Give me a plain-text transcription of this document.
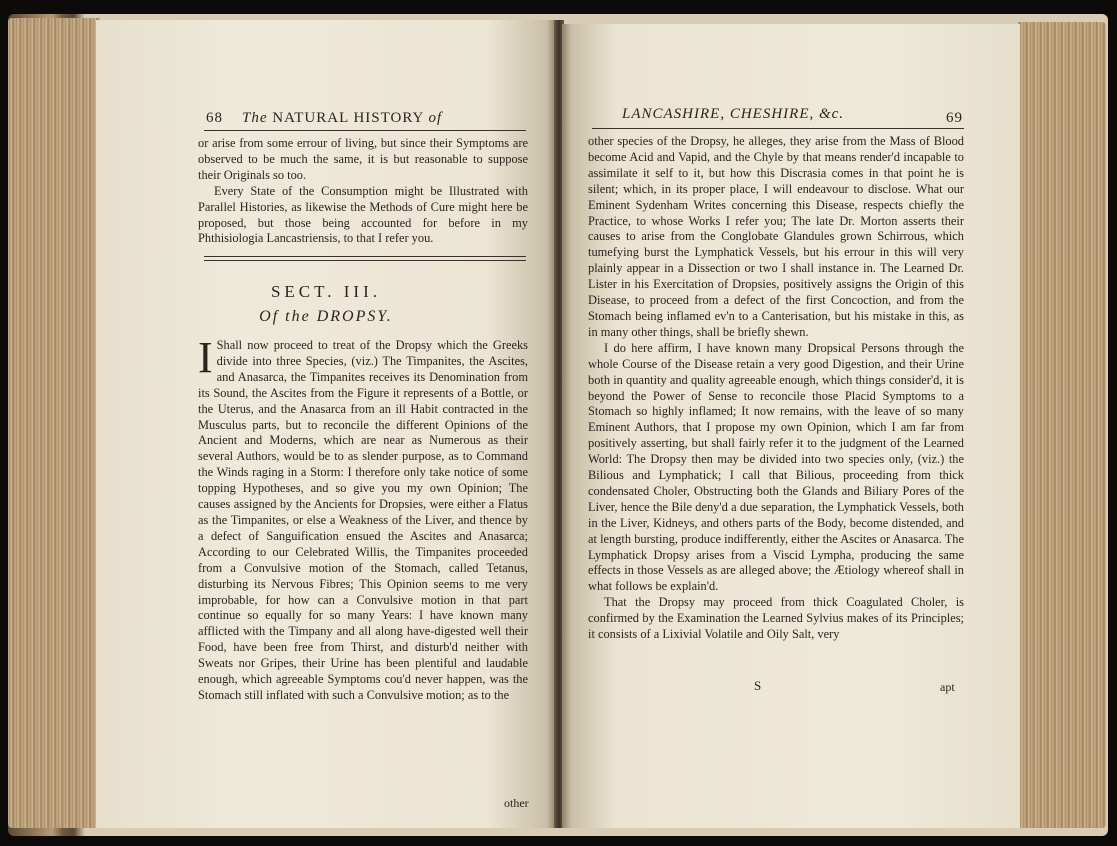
68 The NATURAL HISTORY of

or arise from some errour of living, but since their Symptoms are observed to be much the same, it is but reasonable to suppose their Originals so too.

Every State of the Consumption might be Illustrated with Parallel Histories, as likewise the Methods of Cure might here be proposed, but those being accounted for before in my Phthisiologia Lancastriensis, to that I refer you.

SECT. III.
Of the DROPSY.

I Shall now proceed to treat of the Dropsy which the Greeks divide into three Species, (viz.) The Timpanites, the Ascites, and Anasarca, the Timpanites receives its Denomination from its Sound, the Ascites from the Figure it represents of a Bottle, or the Uterus, and the Anasarca from an ill Habit contracted in the Musculus parts, but to reconcile the different Opinions of the Ancient and Moderns, which are near as Numerous as their several Authors, would be to as slender purpose, as to Command the Winds raging in a Storm: I therefore only take notice of some topping Hypotheses, and so give you my own Opinion; The causes assigned by the Ancients for Dropsies, were either a Flatus as the Timpanites, or else a Weakness of the Liver, and thence by a defect of Sanguification ensued the Ascites and Anasarca; According to our Celebrated Willis, the Timpanites proceeded from a Convulsive motion of the Stomach, called Tetanus, disturbing its Nervous Fibres; This Opinion seems to me very improbable, for how can a Convulsive motion in that part continue so equally for so many Years: I have known many afflicted with the Timpany and all along have-digested well their Food, have been free from Thirst, and disturb'd neither with Sweats nor Gripes, their Urine has been plentiful and laudable enough, which agreeable Symptoms cou'd never happen, was the Stomach still inflated with such a Convulsive motion; as to the

other
LANCASHIRE, CHESHIRE, &c.	69

other species of the Dropsy, he alleges, they arise from the Mass of Blood become Acid and Vapid, and the Chyle by that means render'd incapable to assimilate it self to it, but how this Discrasia comes in that point he is silent; which, in its proper place, I will endeavour to disclose. What our Eminent Sydenham Writes concerning this Disease, respects chiefly the Practice, to whose Works I refer you; The late Dr. Morton asserts their causes to arise from the Conglobate Glandules grown Schirrous, which tumefying burst the Lymphatick Vessels, but his errour in this will very plainly appear in a Dissection or two I shall instance in. The Learned Dr. Lister in his Exercitation of Dropsies, positively assigns the Origin of this Disease, to proceed from a defect of the first Concoction, and from the Stomach being inflamed ev'n to a Canterisation, but his mistake in this, as in many other things, shall be briefly shewn.

I do here affirm, I have known many Dropsical Persons through the whole Course of the Disease retain a very good Digestion, and their Urine both in quantity and quality agreeable enough, which things consider'd, it is beyond the Power of Sense to reconcile those Placid Symptoms to a Stomach so highly inflamed; It now remains, with the leave of so many Eminent Authors, that I propose my own Opinion, which I am far from positively asserting, but shall fairly refer it to the judgment of the Learned World: The Dropsy then may be divided into two species only, (viz.) the Bilious and Lymphatick; I call that Bilious, proceeding from thick condensated Choler, Obstructing both the Glands and Biliary Pores of the Liver, hence the Bile deny'd a due separation, the Lymphatick Vessels, both in the Liver, Kidneys, and others parts of the Body, become distended, and at length bursting, produce indifferently, either the Ascites or Anasarca. The Lymphatick Dropsy arises from a Viscid Lympha, producing the same effects in those Vessels as are alleged above; the Ætiology whereof shall in what follows be explain'd.

That the Dropsy may proceed from thick Coagulated Choler, is confirmed by the Examination the Learned Sylvius makes of its Principles; it consists of a Lixivial Volatile and Oily Salt, very

S	apt
